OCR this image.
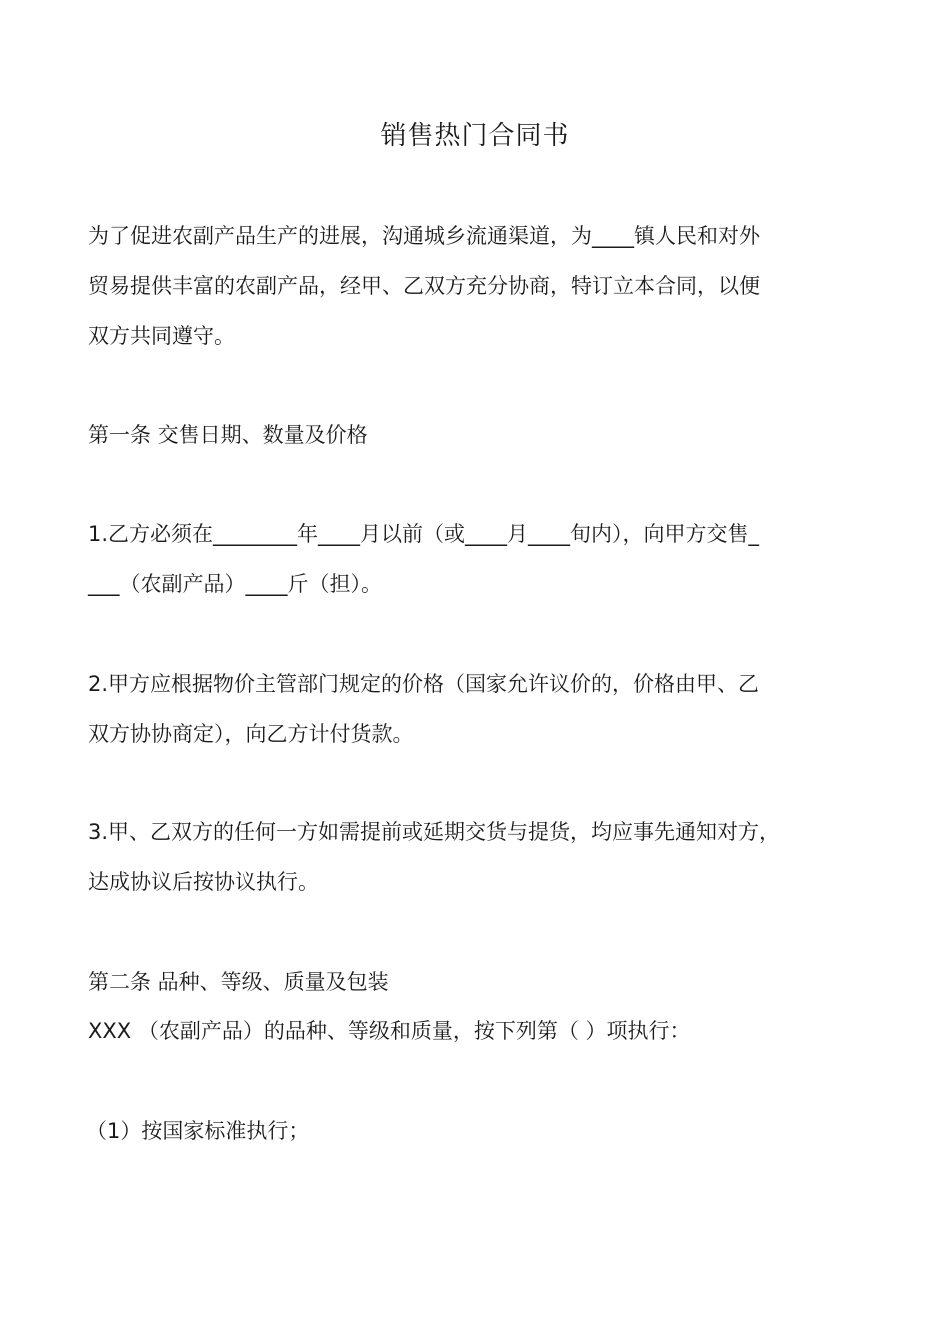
销售热门合同书
为了促进农副产品生产的进展，沟通城乡流通渠道，为____镇人民和对外
贸易提供丰富的农副产品，经甲、乙双方充分协商，特订立本合同，以便
双方共同遵守。
第一条 交售日期、数量及价格
1.乙方必须在________年____月以前（或____月____旬内），向甲方交售_
___（农副产品）____斤（担）。
2.甲方应根据物价主管部门规定的价格（国家允许议价的，价格由甲、乙
双方协协商定），向乙方计付货款。
3.甲、乙双方的任何一方如需提前或延期交货与提货，均应事先通知对方，
达成协议后按协议执行。
第二条 品种、等级、质量及包装
XXX （农副产品）的品种、等级和质量，按下列第（ ）项执行：
（1）按国家标准执行；
